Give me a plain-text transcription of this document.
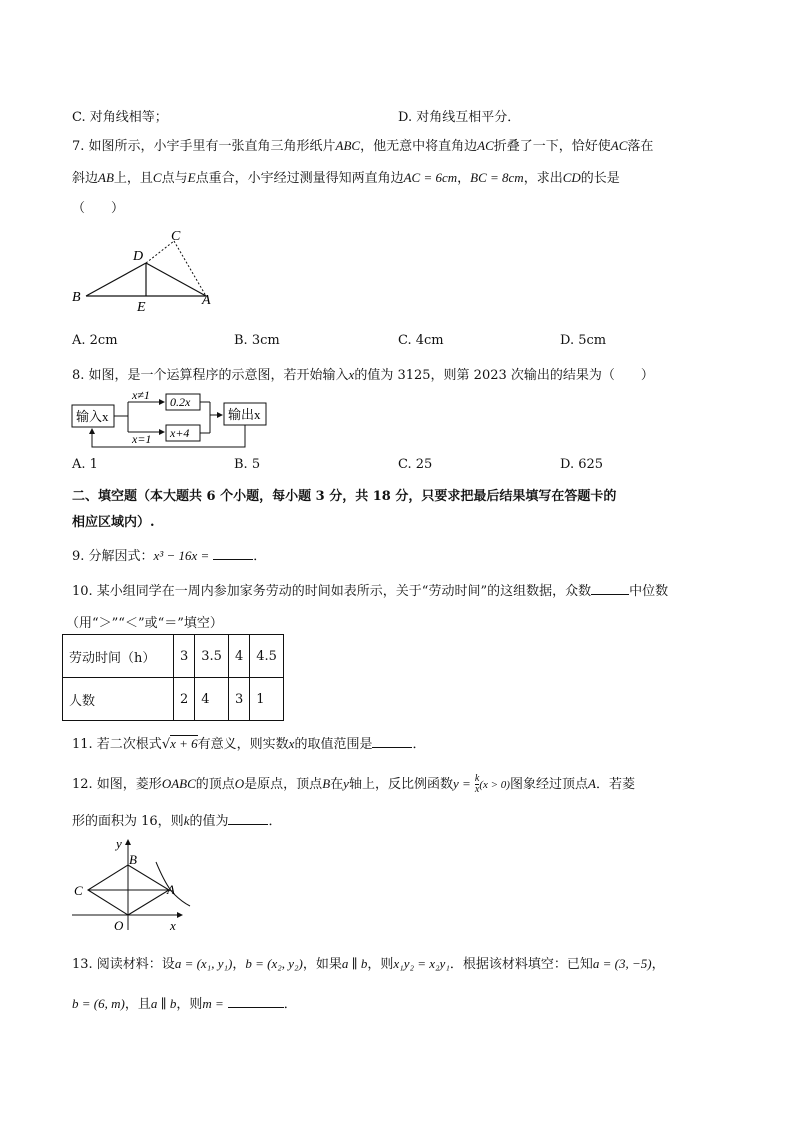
C. 对角线相等；	D. 对角线互相平分．
7. 如图所示，小宇手里有一张直角三角形纸片ABC，他无意中将直角边AC折叠了一下，恰好使AC落在
斜边AB上，且C点与E点重合，小宇经过测量得知两直角边AC = 6cm，BC = 8cm，求出CD的长是
（　　）
B
D
C
E	A
A. 2cm	B. 3cm	C. 4cm	D. 5cm
8. 如图，是一个运算程序的示意图，若开始输入x的值为 3125，则第 2023 次输出的结果为（　　）
输入x
x≠1
x=1
0.2x
x+4
输出x
A. 1	B. 5	C. 25	D. 625
二、填空题（本大题共 6 个小题，每小题 3 分，共 18 分，只要求把最后结果填写在答题卡的
相应区域内）.
9. 分解因式：x³ − 16x =	．
10. 某小组同学在一周内参加家务劳动的时间如表所示，关于“劳动时间”的这组数据，众数	中位数
（用“＞”“＜”或“＝”填空）
劳动时间（h）	3	3.5	4	4.5
人数	2	4	3	1
11. 若二次根式√x + 6有意义，则实数x的取值范围是	．
12. 如图，菱形OABC的顶点O是原点，顶点B在y轴上，反比例函数$y = \frac{k}{x} (x > 0)$图象经过顶点A．若菱
形的面积为 16，则k的值为	．
y
B
C	A
O	x
13. 阅读材料：设a = (x₁, y₁)，b = (x₂, y₂)，如果a ∥ b，则x₁y₂ = x₂y₁．根据该材料填空：已知a = (3, −5)，
b = (6, m)，且a ∥ b，则m =	．
